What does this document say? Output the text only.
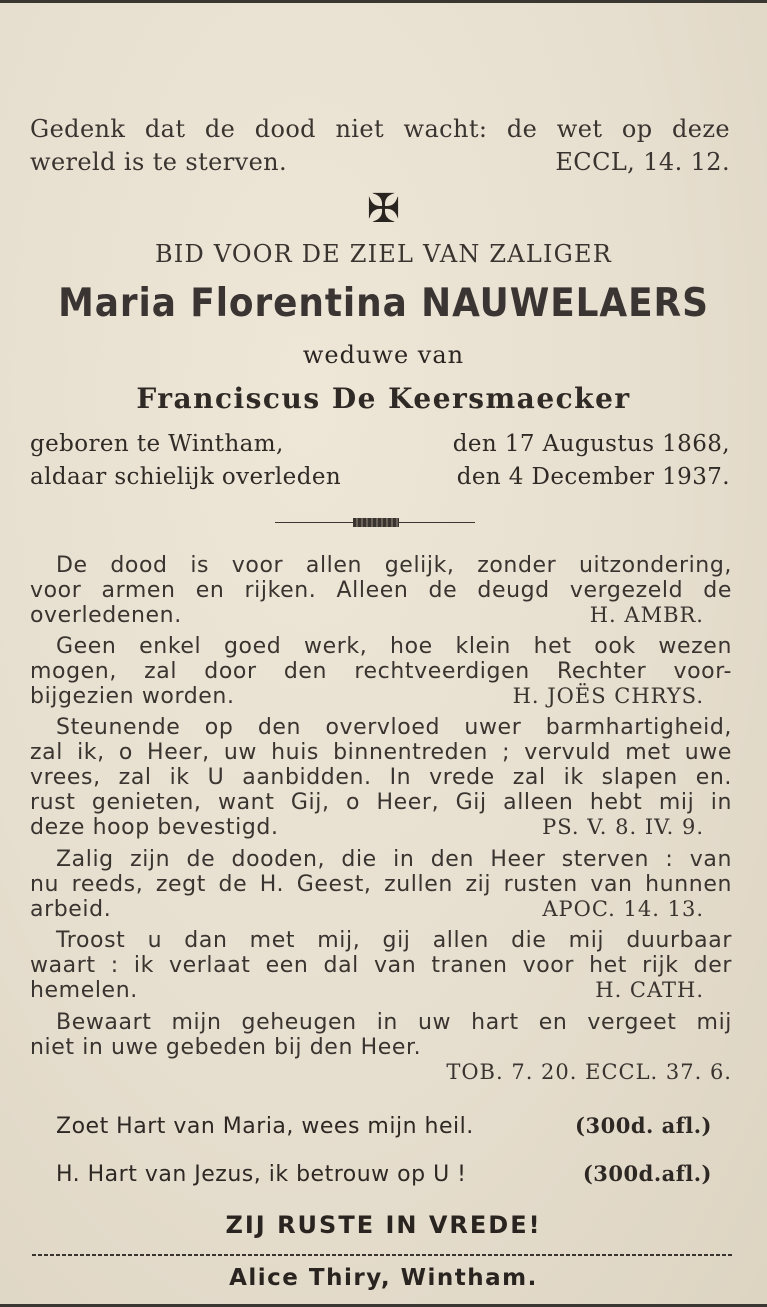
Gedenk dat de dood niet wacht: de wet op deze
wereld is te sterven.	ECCL, 14. 12.
✠
BID VOOR DE ZIEL VAN ZALIGER
Maria Florentina NAUWELAERS
weduwe van
Franciscus De Keersmaecker
geboren te Wintham,	den 17 Augustus 1868,
aldaar schielijk overleden	den 4 December 1937.
De dood is voor allen gelijk, zonder uitzondering,
voor armen en rijken. Alleen de deugd vergezeld de
overledenen.	H. AMBR.
Geen enkel goed werk, hoe klein het ook wezen
mogen, zal door den rechtveerdigen Rechter voor-
bijgezien worden.	H. JOËS CHRYS.
Steunende op den overvloed uwer barmhartigheid,
zal ik, o Heer, uw huis binnentreden ; vervuld met uwe
vrees, zal ik U aanbidden. In vrede zal ik slapen en.
rust genieten, want Gij, o Heer, Gij alleen hebt mij in
deze hoop bevestigd.	PS. V. 8. IV. 9.
Zalig zijn de dooden, die in den Heer sterven : van
nu reeds, zegt de H. Geest, zullen zij rusten van hunnen
arbeid.	APOC. 14. 13.
Troost u dan met mij, gij allen die mij duurbaar
waart : ik verlaat een dal van tranen voor het rijk der
hemelen.	H. CATH.
Bewaart mijn geheugen in uw hart en vergeet mij
niet in uwe gebeden bij den Heer.
TOB. 7. 20. ECCL. 37. 6.
Zoet Hart van Maria, wees mijn heil.	(300d. afl.)
H. Hart van Jezus, ik betrouw op U !	(300d.afl.)
ZIJ RUSTE IN VREDE!
Alice Thiry, Wintham.
